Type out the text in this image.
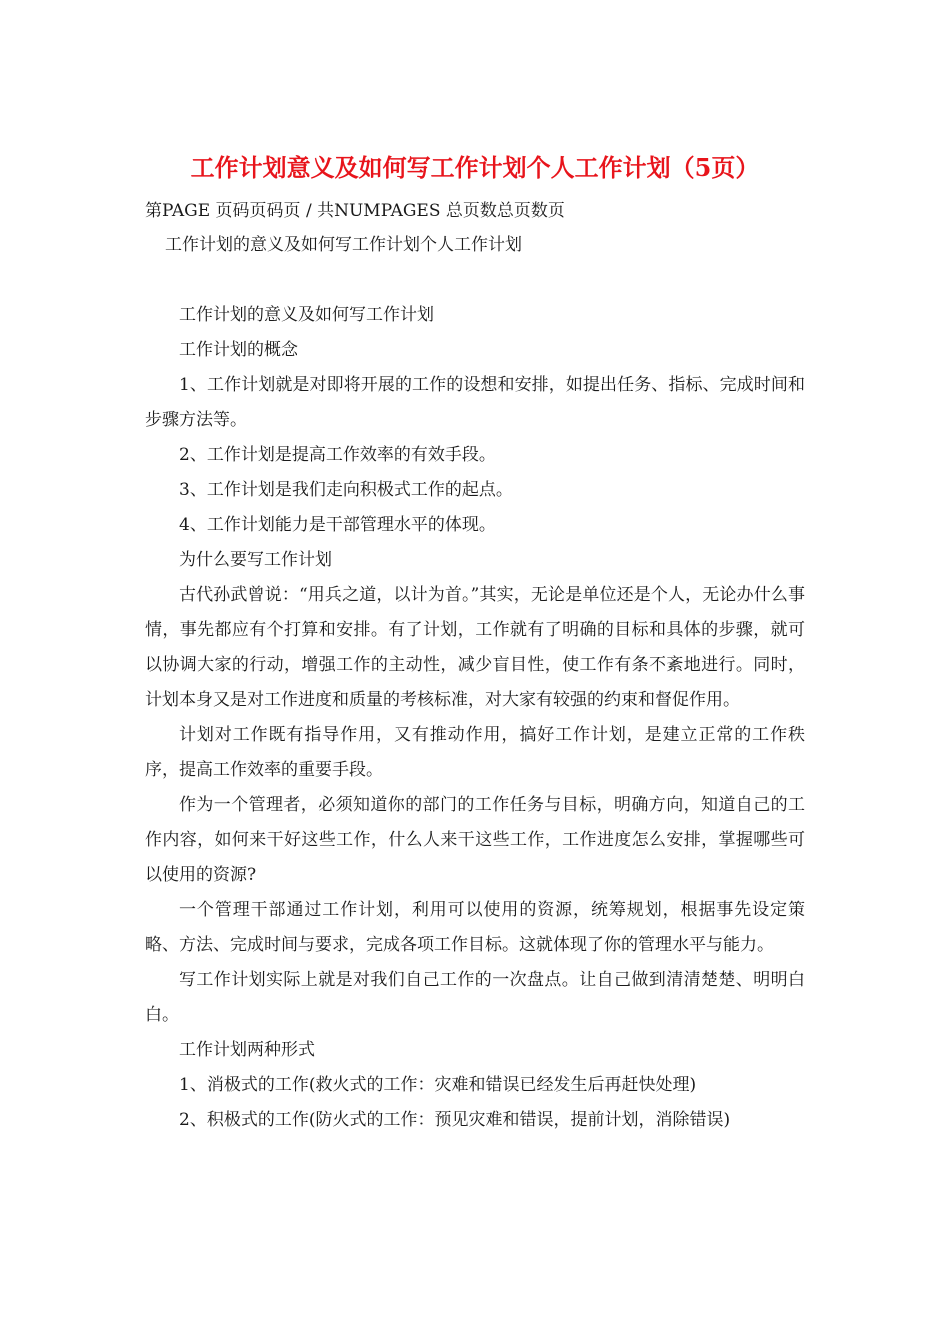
工作计划意义及如何写工作计划个人工作计划（5页）
第PAGE 页码页码页 / 共NUMPAGES 总页数总页数页
工作计划的意义及如何写工作计划个人工作计划

工作计划的意义及如何写工作计划

工作计划的概念

1、工作计划就是对即将开展的工作的设想和安排，如提出任务、指标、完成时间和步骤方法等。

2、工作计划是提高工作效率的有效手段。

3、工作计划是我们走向积极式工作的起点。

4、工作计划能力是干部管理水平的体现。

为什么要写工作计划

古代孙武曾说：“用兵之道，以计为首。”其实，无论是单位还是个人，无论办什么事情，事先都应有个打算和安排。有了计划，工作就有了明确的目标和具体的步骤，就可以协调大家的行动，增强工作的主动性，减少盲目性，使工作有条不紊地进行。同时，计划本身又是对工作进度和质量的考核标准，对大家有较强的约束和督促作用。

计划对工作既有指导作用，又有推动作用，搞好工作计划，是建立正常的工作秩序，提高工作效率的重要手段。

作为一个管理者，必须知道你的部门的工作任务与目标，明确方向，知道自己的工作内容，如何来干好这些工作，什么人来干这些工作，工作进度怎么安排，掌握哪些可以使用的资源?

一个管理干部通过工作计划，利用可以使用的资源，统筹规划，根据事先设定策略、方法、完成时间与要求，完成各项工作目标。这就体现了你的管理水平与能力。

写工作计划实际上就是对我们自己工作的一次盘点。让自己做到清清楚楚、明明白白。

工作计划两种形式

1、消极式的工作(救火式的工作：灾难和错误已经发生后再赶快处理)

2、积极式的工作(防火式的工作：预见灾难和错误，提前计划，消除错误)
